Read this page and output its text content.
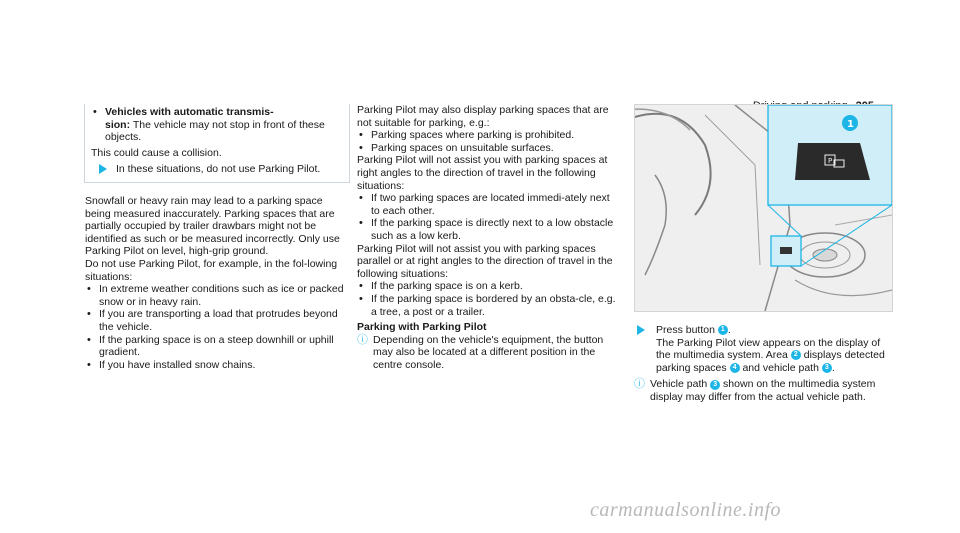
• Vehicles with automatic transmis-
sion: The vehicle may not stop in front of these objects.

This could cause a collision.

In these situations, do not use Parking Pilot.

Snowfall or heavy rain may lead to a parking space being measured inaccurately. Parking spaces that are partially occupied by trailer drawbars might not be identified as such or be measured incorrectly. Only use Parking Pilot on level, high-grip ground.

Do not use Parking Pilot, for example, in the fol-lowing situations:

• In extreme weather conditions such as ice or packed snow or in heavy rain.
• If you are transporting a load that protrudes beyond the vehicle.
• If the parking space is on a steep downhill or uphill gradient.
• If you have installed snow chains.

Parking Pilot may also display parking spaces that are not suitable for parking, e.g.:

• Parking spaces where parking is prohibited.
• Parking spaces on unsuitable surfaces.

Parking Pilot will not assist you with parking spaces at right angles to the direction of travel in the following situations:

• If two parking spaces are located immedi-ately next to each other.
• If the parking space is directly next to a low obstacle such as a low kerb.

Parking Pilot will not assist you with parking spaces parallel or at right angles to the direction of travel in the following situations:

• If the parking space is on a kerb.
• If the parking space is bordered by an obsta-cle, e.g. a tree, a post or a trailer.

Parking with Parking Pilot

ⓘ Depending on the vehicle's equipment, the button may also be located at a different position in the centre console.
P
1
Press button 1 .
The Parking Pilot view appears on the display of the multimedia system. Area 2 displays detected parking spaces 4 and vehicle path 3 .
ⓘ Vehicle path 3 shown on the multimedia system display may differ from the actual vehicle path.
carmanualsonline.info
